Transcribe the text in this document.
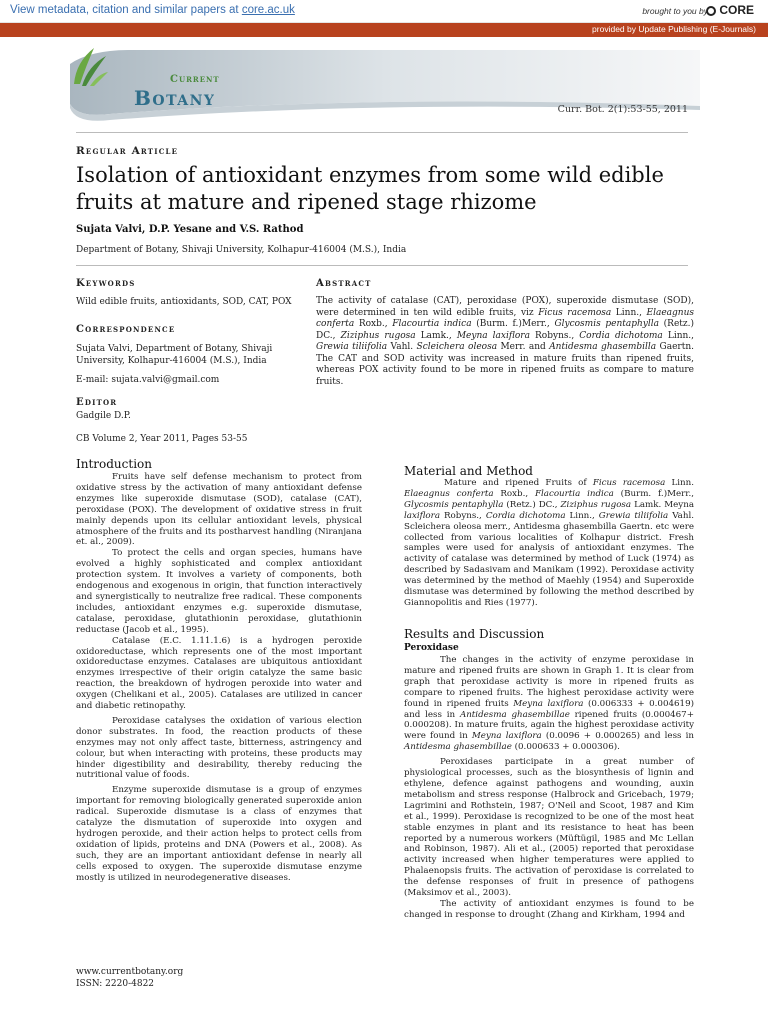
View metadata, citation and similar papers at core.ac.uk	brought to you by CORE
provided by Update Publishing (E-Journals)
Current
Botany	Curr. Bot. 2(1):53-55, 2011
Regular Article
Isolation of antioxidant enzymes from some wild edible fruits at mature and ripened stage rhizome
Sujata Valvi, D.P. Yesane and V.S. Rathod
Department of Botany, Shivaji University, Kolhapur-416004 (M.S.), India
Keywords
Wild edible fruits, antioxidants, SOD, CAT, POX
Correspondence
Sujata Valvi, Department of Botany, Shivaji
University, Kolhapur-416004 (M.S.), India
E-mail: sujata.valvi@gmail.com
Editor
Gadgile D.P.
CB Volume 2, Year 2011, Pages 53-55
Abstract
The activity of catalase (CAT), peroxidase (POX), superoxide dismutase (SOD), were determined in ten wild edible fruits, viz Ficus racemosa Linn., Elaeagnus conferta Roxb., Flacourtia indica (Burm. f.)Merr., Glycosmis pentaphylla (Retz.) DC., Ziziphus rugosa Lamk., Meyna laxiflora Robyns., Cordia dichotoma Linn., Grewia tiliifolia Vahl. Scleichera oleosa Merr. and Antidesma ghasembilla Gaertn. The CAT and SOD activity was increased in mature fruits than ripened fruits, whereas POX activity found to be more in ripened fruits as compare to mature fruits.
Introduction
Fruits have self defense mechanism to protect from oxidative stress by the activation of many antioxidant defense enzymes like superoxide dismutase (SOD), catalase (CAT), peroxidase (POX). The development of oxidative stress in fruit mainly depends upon its cellular antioxidant levels, physical atmosphere of the fruits and its postharvest handling (Niranjana et. al., 2009).
To protect the cells and organ species, humans have evolved a highly sophisticated and complex antioxidant protection system. It involves a variety of components, both endogenous and exogenous in origin, that function interactively and synergistically to neutralize free radical. These components includes, antioxidant enzymes e.g. superoxide dismutase, catalase, peroxidase, glutathionin peroxidase, glutathionin reductase (Jacob et al., 1995).
Catalase (E.C. 1.11.1.6) is a hydrogen peroxide oxidoreductase, which represents one of the most important oxidoreductase enzymes. Catalases are ubiquitous antioxidant enzymes irrespective of their origin catalyze the same basic reaction, the breakdown of hydrogen peroxide into water and oxygen (Chelikani et al., 2005). Catalases are utilized in cancer and diabetic retinopathy.
Peroxidase catalyses the oxidation of various election donor substrates. In food, the reaction products of these enzymes may not only affect taste, bitterness, astringency and colour, but when interacting with proteins, these products may hinder digestibility and desirability, thereby reducing the nutritional value of foods.
Enzyme superoxide dismutase is a group of enzymes important for removing biologically generated superoxide anion radical. Superoxide dismutase is a class of enzymes that catalyze the dismutation of superoxide into oxygen and hydrogen peroxide, and their action helps to protect cells from oxidation of lipids, proteins and DNA (Powers et al., 2008). As such, they are an important antioxidant defense in nearly all cells exposed to oxygen. The superoxide dismutase enzyme mostly is utilized in neurodegenerative diseases.
Material and Method
Mature and ripened Fruits of Ficus racemosa Linn. Elaeagnus conferta Roxb., Flacourtia indica (Burm. f.)Merr., Glycosmis pentaphylla (Retz.) DC., Ziziphus rugosa Lamk. Meyna laxiflora Robyns., Cordia dichotoma Linn., Grewia tiliifolia Vahl. Scleichera oleosa merr., Antidesma ghasembilla Gaertn. etc were collected from various localities of Kolhapur district. Fresh samples were used for analysis of antioxidant enzymes. The activity of catalase was determined by method of Luck (1974) as described by Sadasivam and Manikam (1992). Peroxidase activity was determined by the method of Maehly (1954) and Superoxide dismutase was determined by following the method described by Giannopolitis and Ries (1977).
Results and Discussion
Peroxidase
The changes in the activity of enzyme peroxidase in mature and ripened fruits are shown in Graph 1. It is clear from graph that peroxidase activity is more in ripened fruits as compare to ripened fruits. The highest peroxidase activity were found in ripened fruits Meyna laxiflora (0.006333 + 0.004619) and less in Antidesma ghasembillae ripened fruits (0.000467+ 0.000208). In mature fruits, again the highest peroxidase activity were found in Meyna laxiflora (0.0096 + 0.000265) and less in Antidesma ghasembillae (0.000633 + 0.000306).
Peroxidases participate in a great number of physiological processes, such as the biosynthesis of lignin and ethylene, defence against pathogens and wounding, auxin metabolism and stress response (Halbrock and Gricebach, 1979; Lagrimini and Rothstein, 1987; O'Neil and Scoot, 1987 and Kim et al., 1999). Peroxidase is recognized to be one of the most heat stable enzymes in plant and its resistance to heat has been reported by a numerous workers (Müftügil, 1985 and Mc Lellan and Robinson, 1987). Ali et al., (2005) reported that peroxidase activity increased when higher temperatures were applied to Phalaenopsis fruits. The activation of peroxidase is correlated to the defense responses of fruit in presence of pathogens (Maksimov et al., 2003).
The activity of antioxidant enzymes is found to be changed in response to drought (Zhang and Kirkham, 1994 and
www.currentbotany.org
ISSN: 2220-4822
